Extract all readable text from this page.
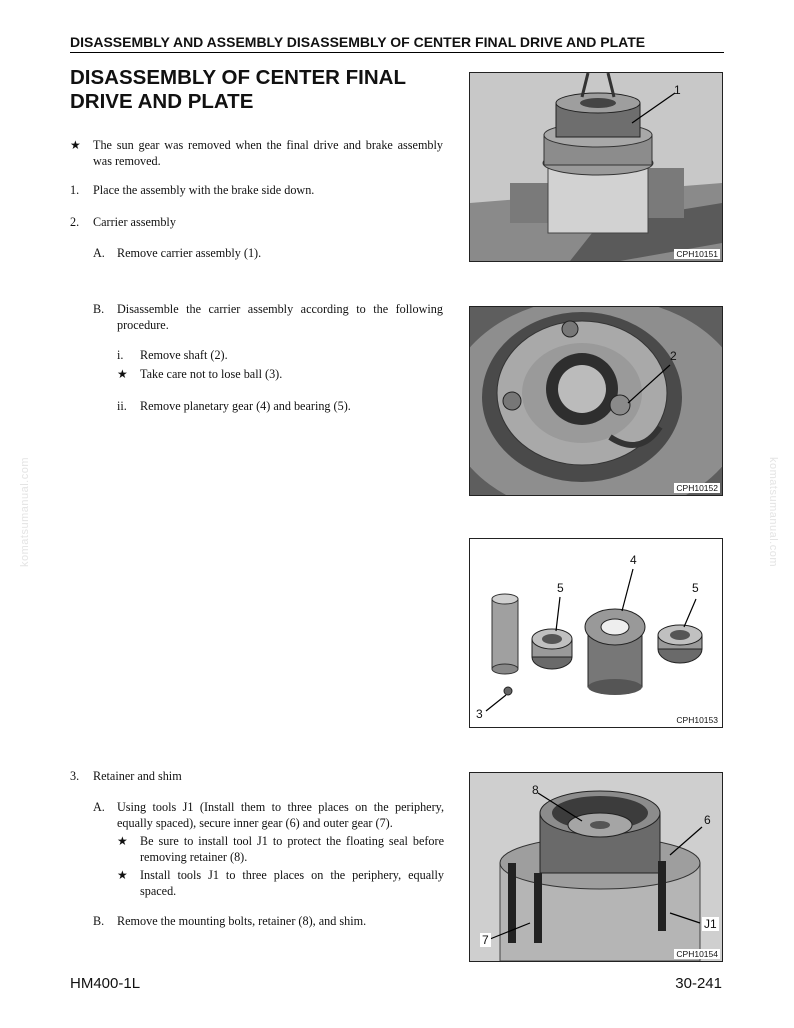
DISASSEMBLY AND ASSEMBLY DISASSEMBLY OF CENTER FINAL DRIVE AND PLATE
DISASSEMBLY OF CENTER FINAL
DRIVE AND PLATE
komatsumanual.com	komatsumanual.com
★ The sun gear was removed when the final drive and brake assembly was removed.
1. Place the assembly with the brake side down.
2. Carrier assembly
A. Remove carrier assembly (1).
B. Disassemble the carrier assembly according to the following procedure.
i. Remove shaft (2).
★ Take care not to lose ball (3).
ii. Remove planetary gear (4) and bearing (5).
3. Retainer and shim
A. Using tools J1 (Install them to three places on the periphery, equally spaced), secure inner gear (6) and outer gear (7).
★ Be sure to install tool J1 to protect the floating seal before removing retainer (8).
★ Install tools J1 to three places on the periphery, equally spaced.
B. Remove the mounting bolts, retainer (8), and shim.
1
CPH10151
2
CPH10152
5
4
5
3	CPH10153
8
6
J1
7
CPH10154
HM400-1L	30-241
